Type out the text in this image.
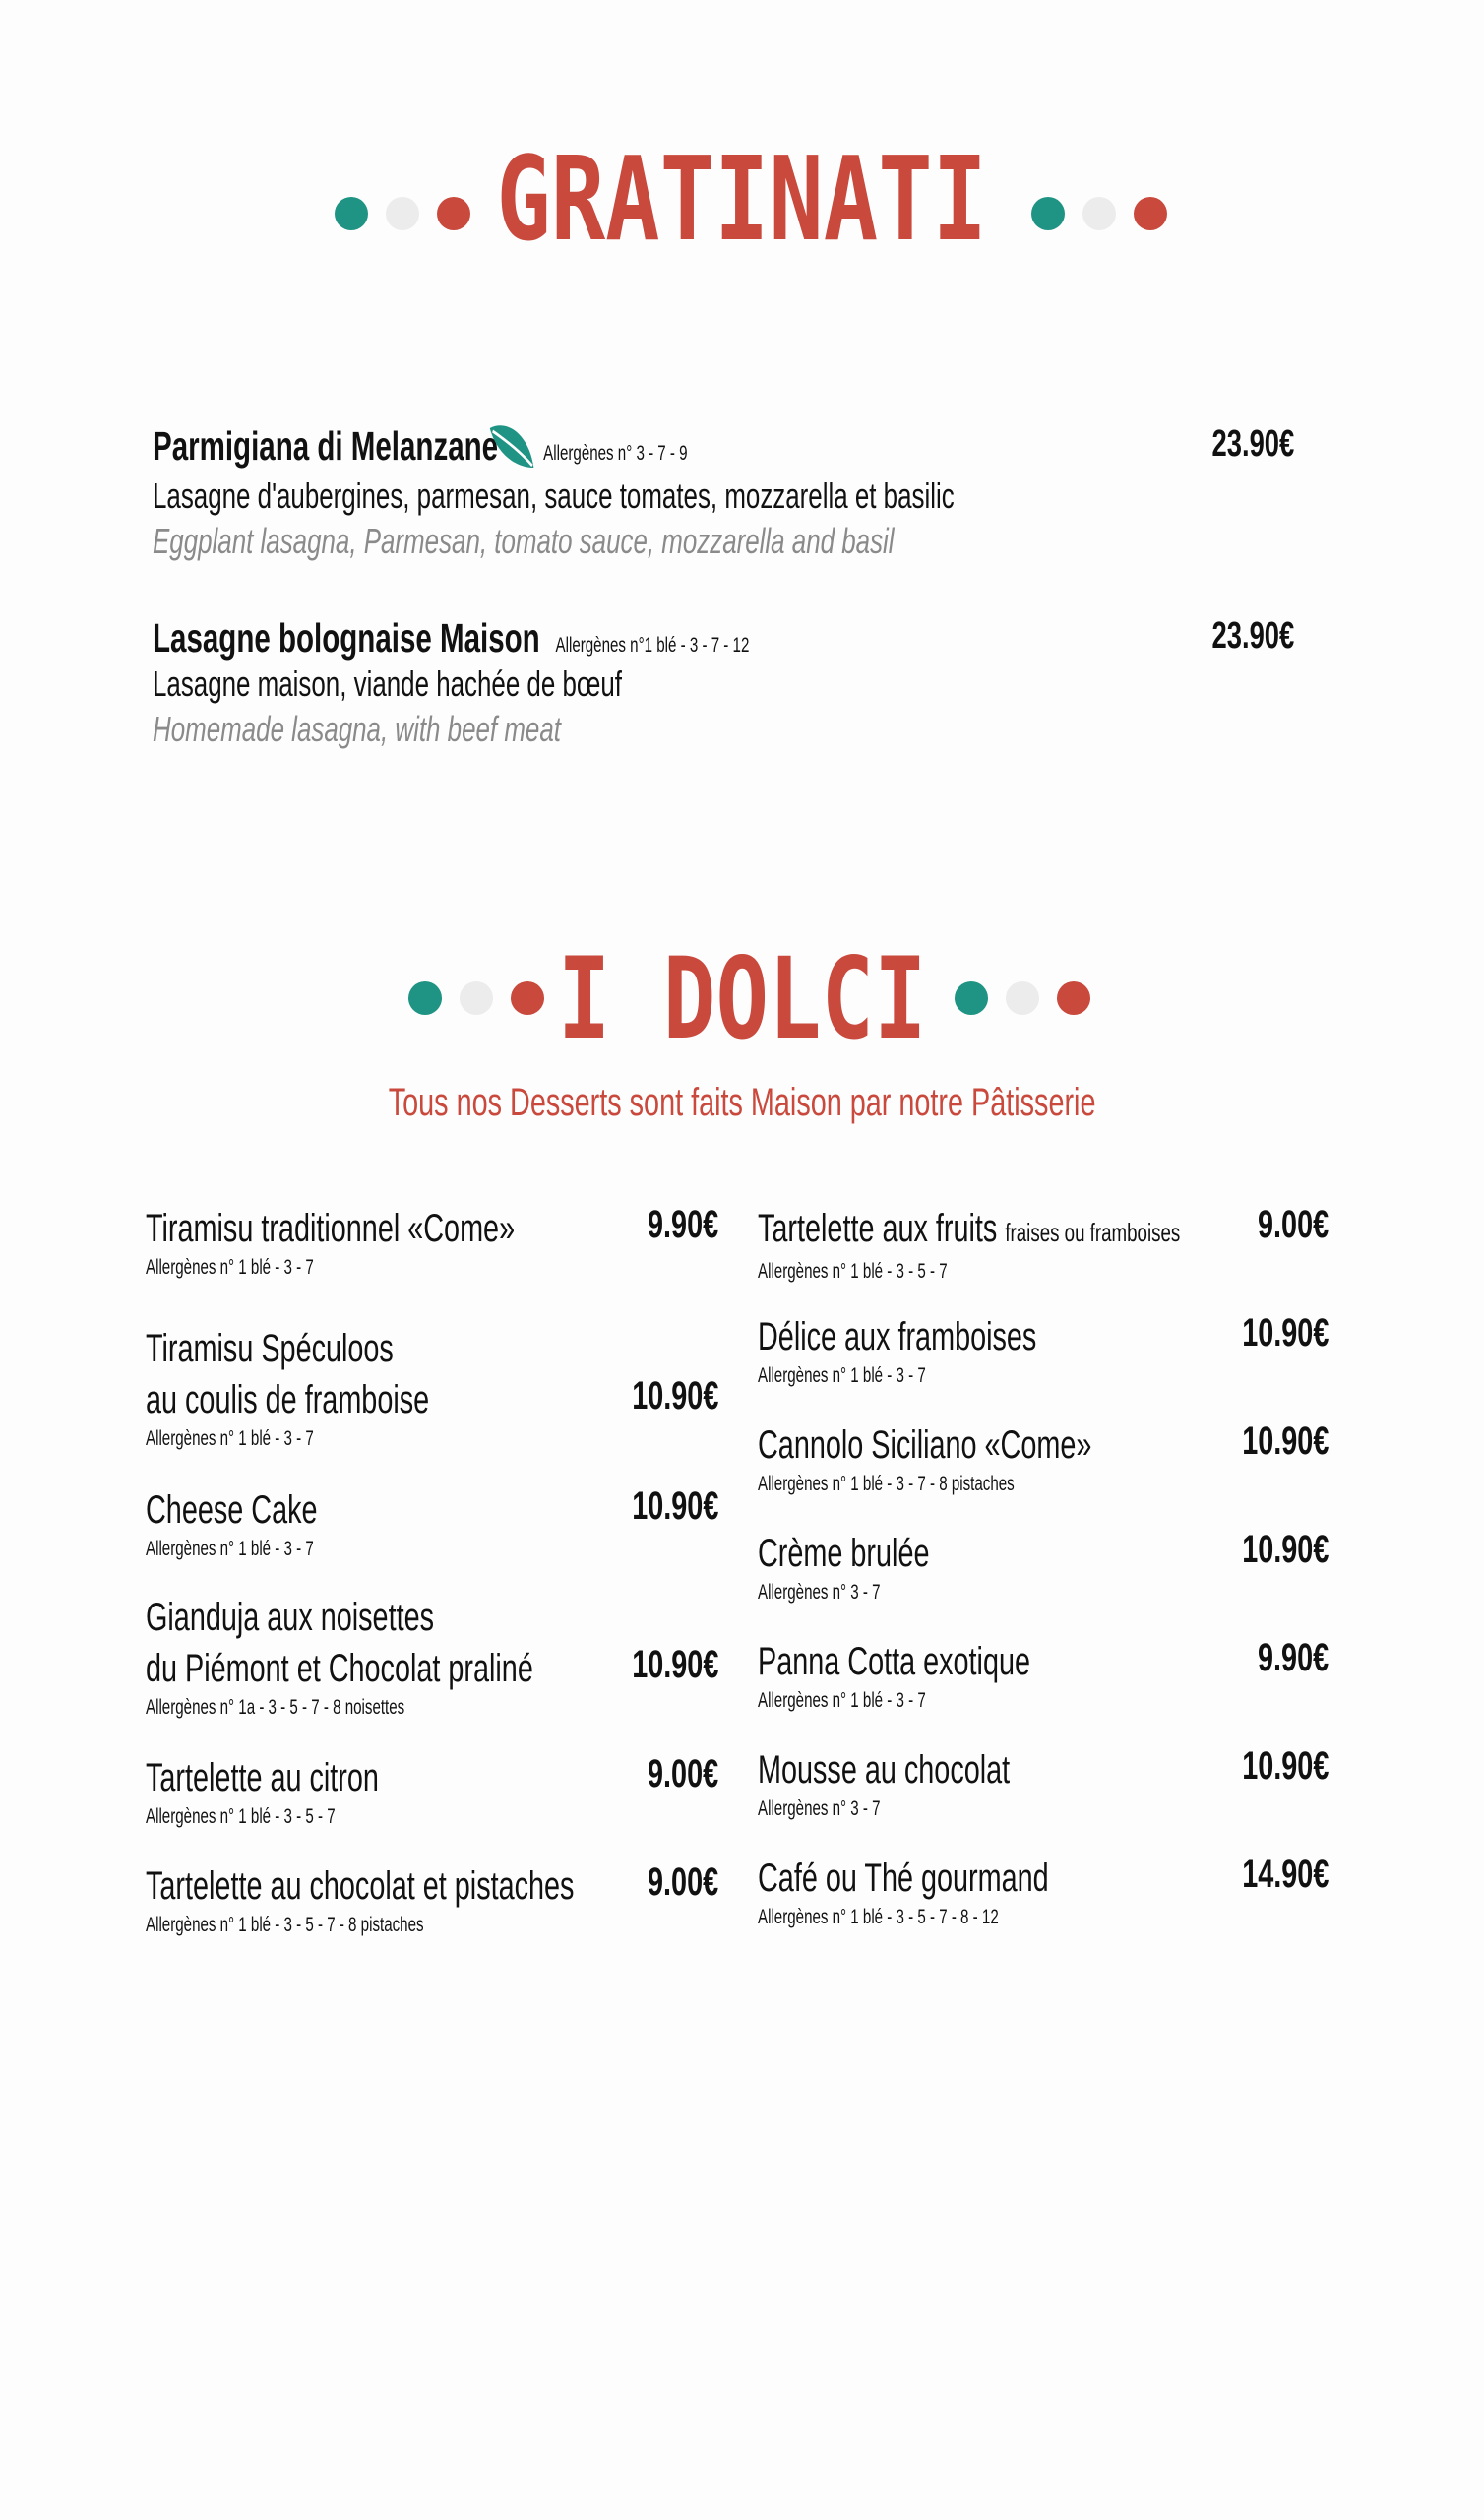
GRATINATI
Parmigiana di Melanzane Allergènes n° 3 - 7 - 9	23.90€
Lasagne d'aubergines, parmesan, sauce tomates, mozzarella et basilic
Eggplant lasagna, Parmesan, tomato sauce, mozzarella and basil
Lasagne bolognaise Maison Allergènes n°1 blé - 3 - 7 - 12	23.90€
Lasagne maison, viande hachée de bœuf
Homemade lasagna, with beef meat
I DOLCI
Tous nos Desserts sont faits Maison par notre Pâtisserie
Tiramisu traditionnel «Come»	9.90€
Allergènes n° 1 blé - 3 - 7
Tiramisu Spéculoos
au coulis de framboise	10.90€
Allergènes n° 1 blé - 3 - 7
Cheese Cake	10.90€
Allergènes n° 1 blé - 3 - 7
Gianduja aux noisettes
du Piémont et Chocolat praliné	10.90€
Allergènes n° 1a - 3 - 5 - 7 - 8 noisettes
Tartelette au citron	9.00€
Allergènes n° 1 blé - 3 - 5 - 7
Tartelette au chocolat et pistaches	9.00€
Allergènes n° 1 blé - 3 - 5 - 7 - 8 pistaches
Tartelette aux fruits fraises ou framboises	9.00€
Allergènes n° 1 blé - 3 - 5 - 7
Délice aux framboises	10.90€
Allergènes n° 1 blé - 3 - 7
Cannolo Siciliano «Come»	10.90€
Allergènes n° 1 blé - 3 - 7 - 8 pistaches
Crème brulée	10.90€
Allergènes n° 3 - 7
Panna Cotta exotique	9.90€
Allergènes n° 1 blé - 3 - 7
Mousse au chocolat	10.90€
Allergènes n° 3 - 7
Café ou Thé gourmand	14.90€
Allergènes n° 1 blé - 3 - 5 - 7 - 8 - 12
